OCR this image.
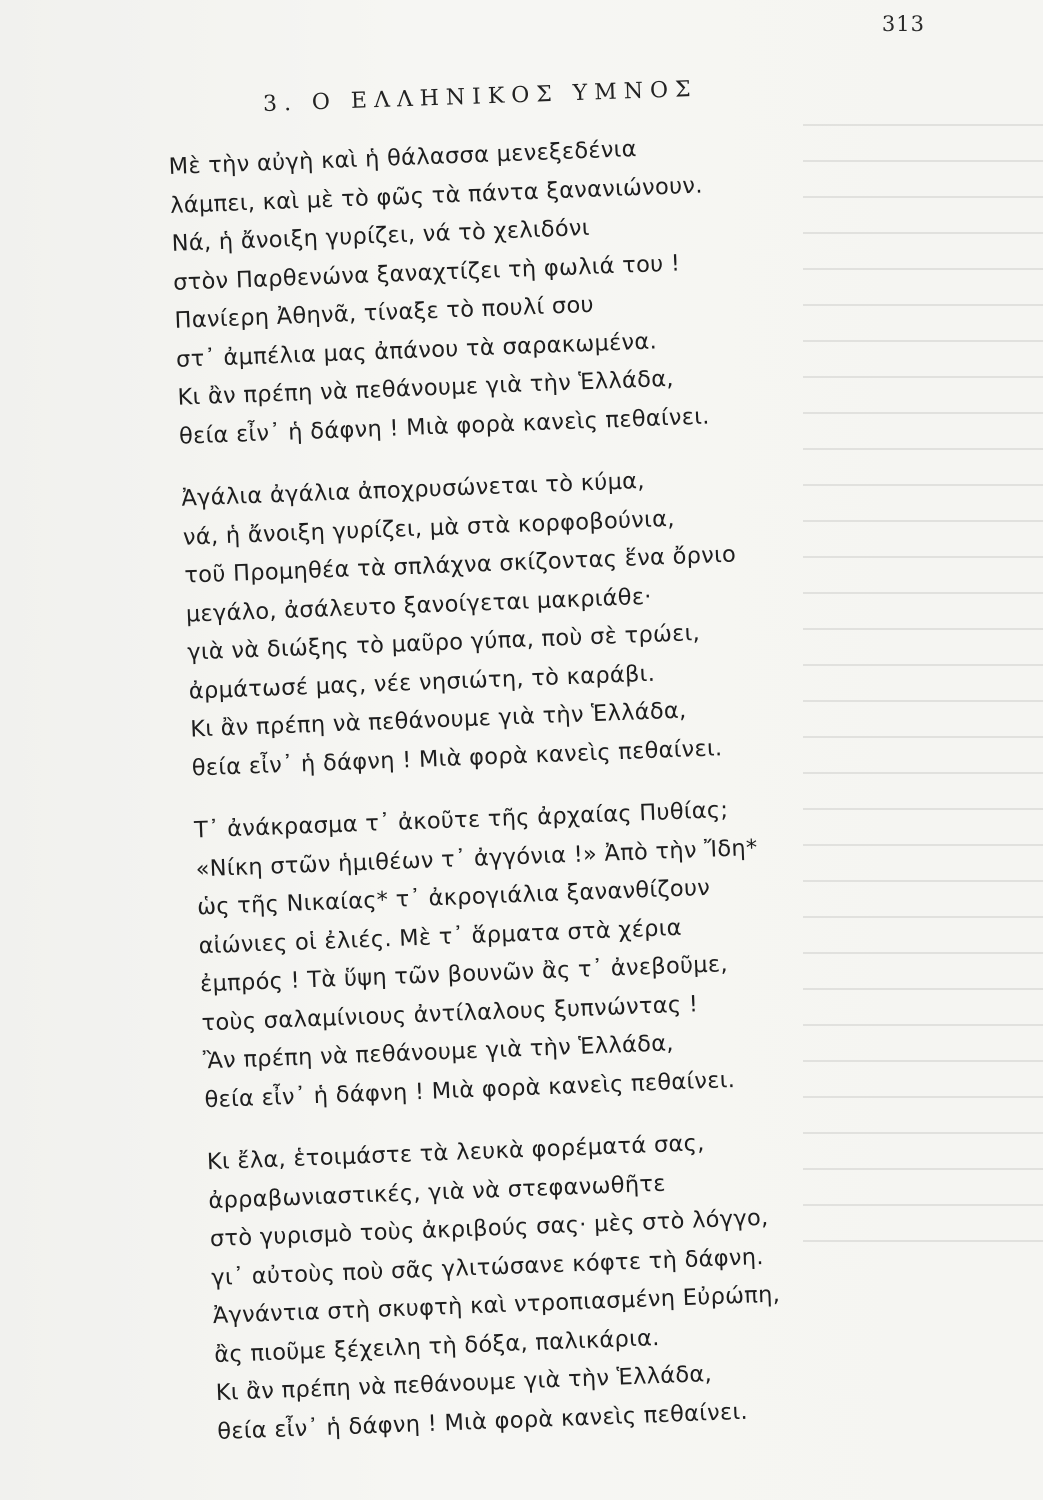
313
3. Ο ΕΛΛΗΝΙΚΟΣ ΥΜΝΟΣ
Μὲ τὴν αὐγὴ καὶ ἡ θάλασσα μενεξεδένια
λάμπει, καὶ μὲ τὸ φῶς τὰ πάντα ξανανιώνουν.
Νά, ἡ ἄνοιξη γυρίζει, νά τὸ χελιδόνι
στὸν Παρθενώνα ξαναχτίζει τὴ φωλιά του !
Πανίερη Ἀθηνᾶ, τίναξε τὸ πουλί σου
στ᾿ ἀμπέλια μας ἀπάνου τὰ σαρακωμένα.
Κι ἂν πρέπη νὰ πεθάνουμε γιὰ τὴν Ἑλλάδα,
θεία εἶν᾿ ἡ δάφνη ! Μιὰ φορὰ κανεὶς πεθαίνει.
Ἀγάλια ἀγάλια ἀποχρυσώνεται τὸ κύμα,
νά, ἡ ἄνοιξη γυρίζει, μὰ στὰ κορφοβούνια,
τοῦ Προμηθέα τὰ σπλάχνα σκίζοντας ἕνα ὄρνιο
μεγάλο, ἀσάλευτο ξανοίγεται μακριάθε·
γιὰ νὰ διώξης τὸ μαῦρο γύπα, ποὺ σὲ τρώει,
ἀρμάτωσέ μας, νέε νησιώτη, τὸ καράβι.
Κι ἂν πρέπη νὰ πεθάνουμε γιὰ τὴν Ἑλλάδα,
θεία εἶν᾿ ἡ δάφνη ! Μιὰ φορὰ κανεὶς πεθαίνει.
Τ᾿ ἀνάκρασμα τ᾿ ἀκοῦτε τῆς ἀρχαίας Πυθίας;
«Νίκη στῶν ἡμιθέων τ᾿ ἀγγόνια !» Ἀπὸ τὴν Ἴδη*
ὡς τῆς Νικαίας* τ᾿ ἀκρογιάλια ξανανθίζουν
αἰώνιες οἱ ἐλιές. Μὲ τ᾿ ἅρματα στὰ χέρια
ἐμπρός ! Τὰ ὕψη τῶν βουνῶν ἂς τ᾿ ἀνεβοῦμε,
τοὺς σαλαμίνιους ἀντίλαλους ξυπνώντας !
Ἂν πρέπη νὰ πεθάνουμε γιὰ τὴν Ἑλλάδα,
θεία εἶν᾿ ἡ δάφνη ! Μιὰ φορὰ κανεὶς πεθαίνει.
Κι ἔλα, ἑτοιμάστε τὰ λευκὰ φορέματά σας,
ἀρραβωνιαστικές, γιὰ νὰ στεφανωθῆτε
στὸ γυρισμὸ τοὺς ἀκριβούς σας· μὲς στὸ λόγγο,
γι᾿ αὐτοὺς ποὺ σᾶς γλιτώσανε κόφτε τὴ δάφνη.
Ἀγνάντια στὴ σκυφτὴ καὶ ντροπιασμένη Εὐρώπη,
ἂς πιοῦμε ξέχειλη τὴ δόξα, παλικάρια.
Κι ἂν πρέπη νὰ πεθάνουμε γιὰ τὴν Ἑλλάδα,
θεία εἶν᾿ ἡ δάφνη ! Μιὰ φορὰ κανεὶς πεθαίνει.
